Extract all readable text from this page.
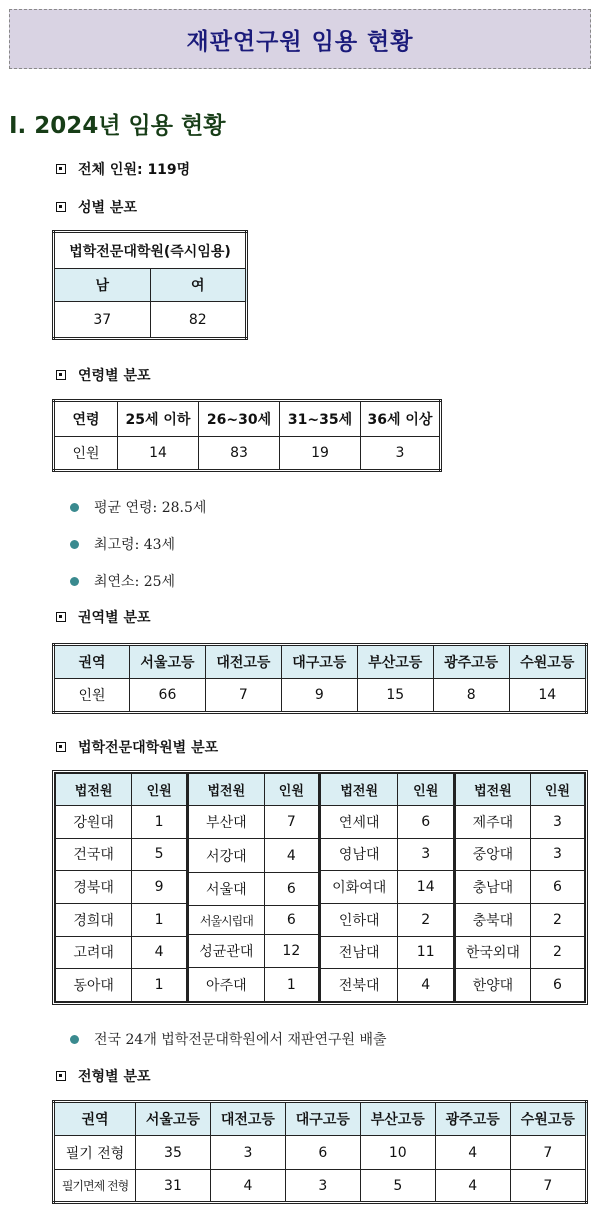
재판연구원 임용 현황
I. 2024년 임용 현황
전체 인원: 119명
성별 분포
법학전문대학원(즉시임용)	
남	여
37	82
연령별 분포
연령	25세 이하	26~30세	31~35세	36세 이상
인원	14	83	19	3
평균 연령: 28.5세
최고령: 43세
최연소: 25세
권역별 분포
권역	서울고등	대전고등	대구고등	부산고등	광주고등	수원고등
인원	66	7	9	15	8	14
법학전문대학원별 분포
법전원	인원
강원대	1
건국대	5
경북대	9
경희대	1
고려대	4
동아대	1
법전원	인원
부산대	7
서강대	4
서울대	6
서울시립대	6
성균관대	12
아주대	1
법전원	인원
연세대	6
영남대	3
이화여대	14
인하대	2
전남대	11
전북대	4
법전원	인원
제주대	3
중앙대	3
충남대	6
충북대	2
한국외대	2
한양대	6
전국 24개 법학전문대학원에서 재판연구원 배출
전형별 분포
권역	서울고등	대전고등	대구고등	부산고등	광주고등	수원고등
필기 전형	35	3	6	10	4	7
필기면제 전형	31	4	3	5	4	7
